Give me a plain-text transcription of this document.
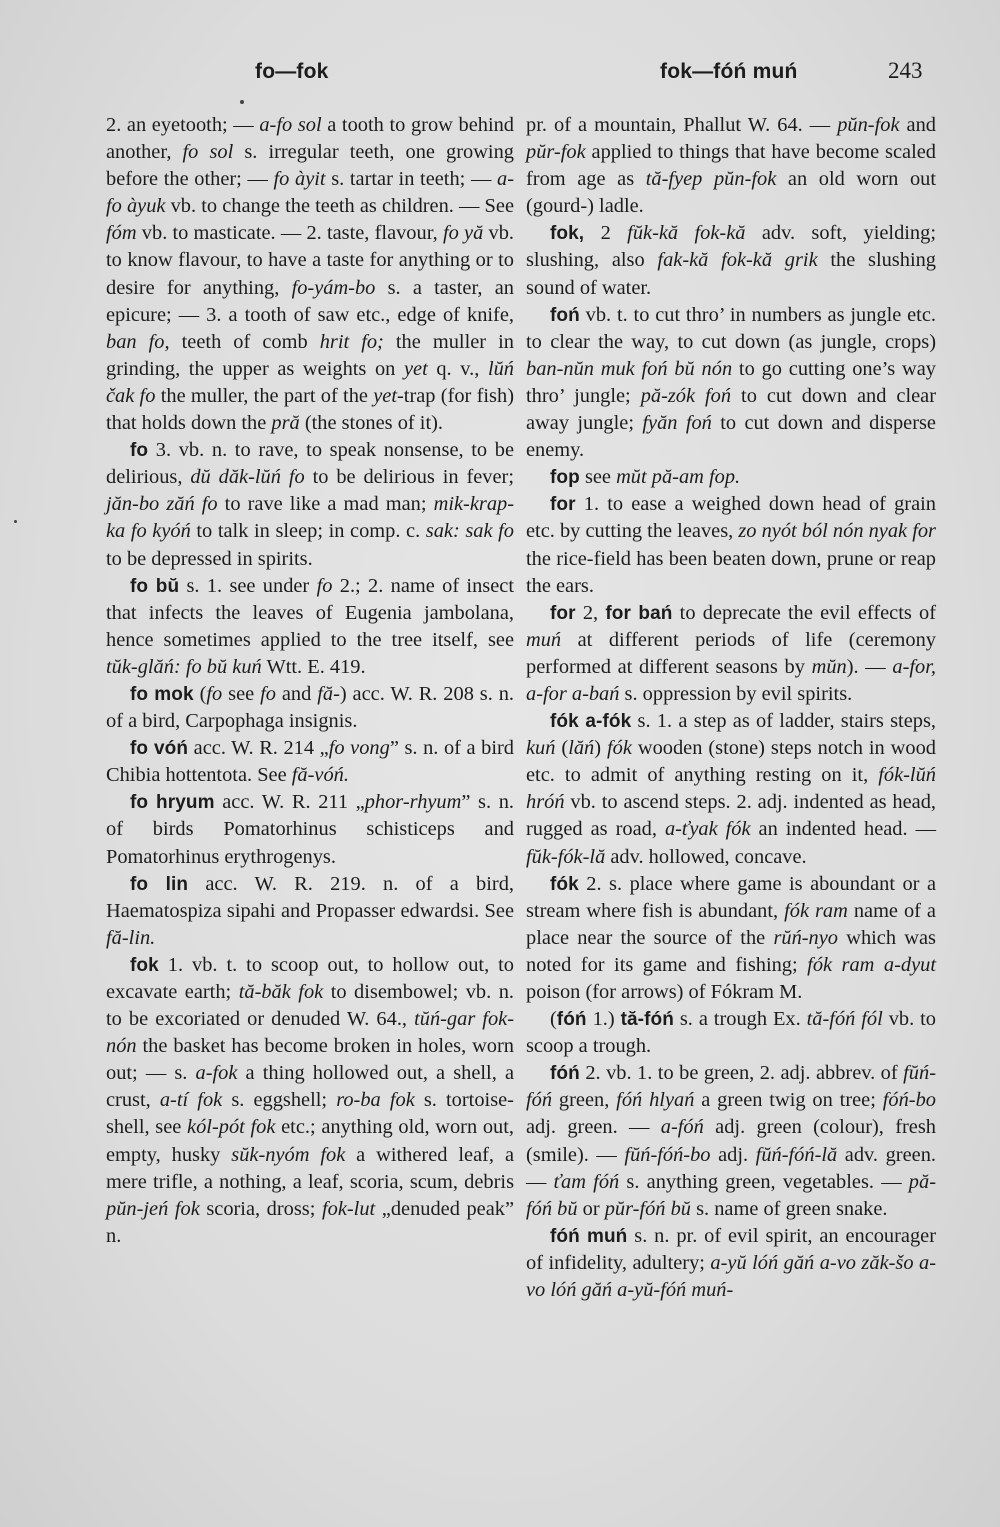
fo—fok	fok—fóń muń	243

2. an eyetooth; — a-fo sol a tooth to grow behind another, fo sol s. irregular teeth, one growing before the other; — fo àyit s. tartar in teeth; — a-fo àyuk vb. to change the teeth as children. — See fóm vb. to masticate. — 2. taste, flavour, fo yă vb. to know flavour, to have a taste for anything or to desire for anything, fo-yám-bo s. a taster, an epicure; — 3. a tooth of saw etc., edge of knife, ban fo, teeth of comb hrit fo; the muller in grinding, the upper as weights on yet q. v., lŭń čak fo the muller, the part of the yet-trap (for fish) that holds down the pră (the stones of it).

fo 3. vb. n. to rave, to speak nonsense, to be delirious, dŭ dăk-lŭń fo to be delirious in fever; jăn-bo zăń fo to rave like a mad man; mik-krap-ka fo kyóń to talk in sleep; in comp. c. sak: sak fo to be depressed in spirits.

fo bŭ s. 1. see under fo 2.; 2. name of insect that infects the leaves of Eugenia jambolana, hence sometimes applied to the tree itself, see tŭk-glăń: fo bŭ kuń Wtt. E. 419.

fo mok (fo see fo and fă-) acc. W. R. 208 s. n. of a bird, Carpophaga insignis.

fo vóń acc. W. R. 214 „fo vong” s. n. of a bird Chibia hottentota. See fă-vóń.

fo hryum acc. W. R. 211 „phor-rhyum” s. n. of birds Pomatorhinus schisticeps and Pomatorhinus erythrogenys.

fo lin acc. W. R. 219. n. of a bird, Haematospiza sipahi and Propasser edwardsi. See fă-lin.

fok 1. vb. t. to scoop out, to hollow out, to excavate earth; tă-băk fok to disembowel; vb. n. to be excoriated or denuded W. 64., tŭń-gar fok-nón the basket has become broken in holes, worn out; — s. a-fok a thing hollowed out, a shell, a crust, a-tí fok s. eggshell; ro-ba fok s. tortoise-shell, see kól-pót fok etc.; anything old, worn out, empty, husky sŭk-nyóm fok a withered leaf, a mere trifle, a nothing, a leaf, scoria, scum, debris pŭn-jeń fok scoria, dross; fok-lut „denuded peak” n.

pr. of a mountain, Phallut W. 64. — pŭn-fok and pŭr-fok applied to things that have become scaled from age as tă-fyep pŭn-fok an old worn out (gourd-) ladle.

fok, 2 fŭk-kă fok-kă adv. soft, yielding; slushing, also fak-kă fok-kă grik the slushing sound of water.

foń vb. t. to cut thro’ in numbers as jungle etc. to clear the way, to cut down (as jungle, crops) ban-nŭn muk foń bŭ nón to go cutting one’s way thro’ jungle; pă-zók foń to cut down and clear away jungle; fyăn foń to cut down and disperse enemy.

fop see mŭt pă-am fop.

for 1. to ease a weighed down head of grain etc. by cutting the leaves, zo nyót ból nón nyak for the rice-field has been beaten down, prune or reap the ears.

for 2, for bań to deprecate the evil effects of muń at different periods of life (ceremony performed at different seasons by mŭn). — a-for, a-for a-bań s. oppression by evil spirits.

fók a-fók s. 1. a step as of ladder, stairs steps, kuń (lăń) fók wooden (stone) steps notch in wood etc. to admit of anything resting on it, fók-lŭń hróń vb. to ascend steps. 2. adj. indented as head, rugged as road, a-ťyak fók an indented head. — fŭk-fók-lă adv. hollowed, concave.

fók 2. s. place where game is aboundant or a stream where fish is abundant, fók ram name of a place near the source of the rŭń-nyo which was noted for its game and fishing; fók ram a-dyut poison (for arrows) of Fókram M.

(fóń 1.) tă-fóń s. a trough Ex. tă-fóń fól vb. to scoop a trough.

fóń 2. vb. 1. to be green, 2. adj. abbrev. of fŭń-fóń green, fóń hlyań a green twig on tree; fóń-bo adj. green. — a-fóń adj. green (colour), fresh (smile). — fŭń-fóń-bo adj. fŭń-fóń-lă adv. green. — ťam fóń s. anything green, vegetables. — pă-fóń bŭ or pŭr-fóń bŭ s. name of green snake.

fóń muń s. n. pr. of evil spirit, an encourager of infidelity, adultery; a-yŭ lóń găń a-vo zăk-šo a-vo lóń găń a-yŭ-fóń muń-
